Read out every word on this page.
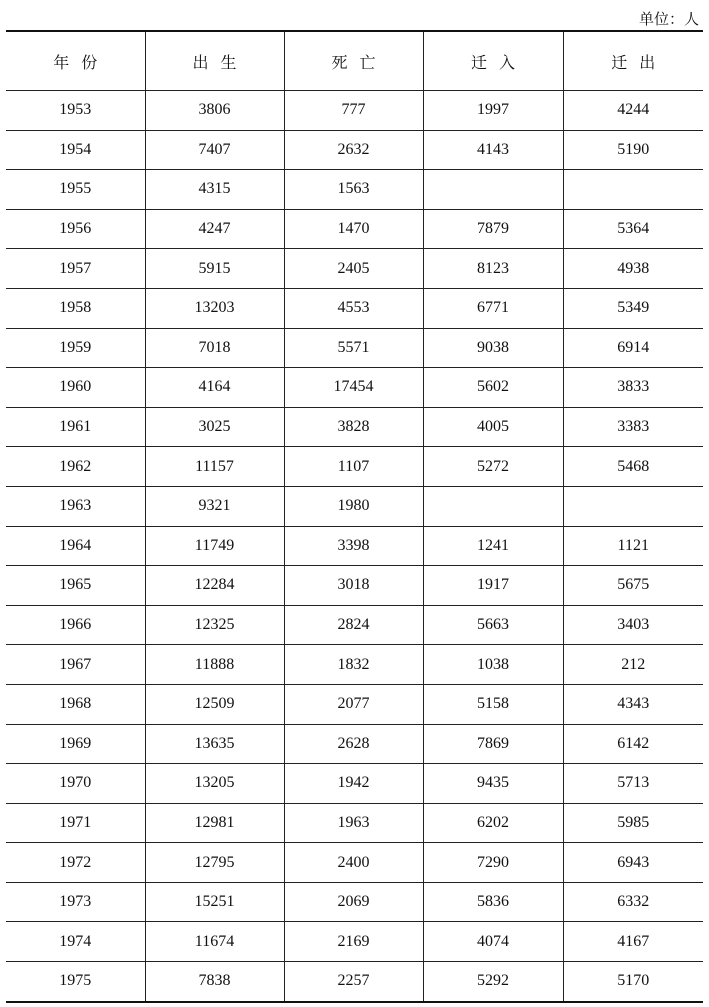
单位：人
年份	出生	死亡	迁入	迁出
1953	3806	777	1997	4244
1954	7407	2632	4143	5190
1955	4315	1563		
1956	4247	1470	7879	5364
1957	5915	2405	8123	4938
1958	13203	4553	6771	5349
1959	7018	5571	9038	6914
1960	4164	17454	5602	3833
1961	3025	3828	4005	3383
1962	11157	1107	5272	5468
1963	9321	1980		
1964	11749	3398	1241	1121
1965	12284	3018	1917	5675
1966	12325	2824	5663	3403
1967	11888	1832	1038	212
1968	12509	2077	5158	4343
1969	13635	2628	7869	6142
1970	13205	1942	9435	5713
1971	12981	1963	6202	5985
1972	12795	2400	7290	6943
1973	15251	2069	5836	6332
1974	11674	2169	4074	4167
1975	7838	2257	5292	5170
